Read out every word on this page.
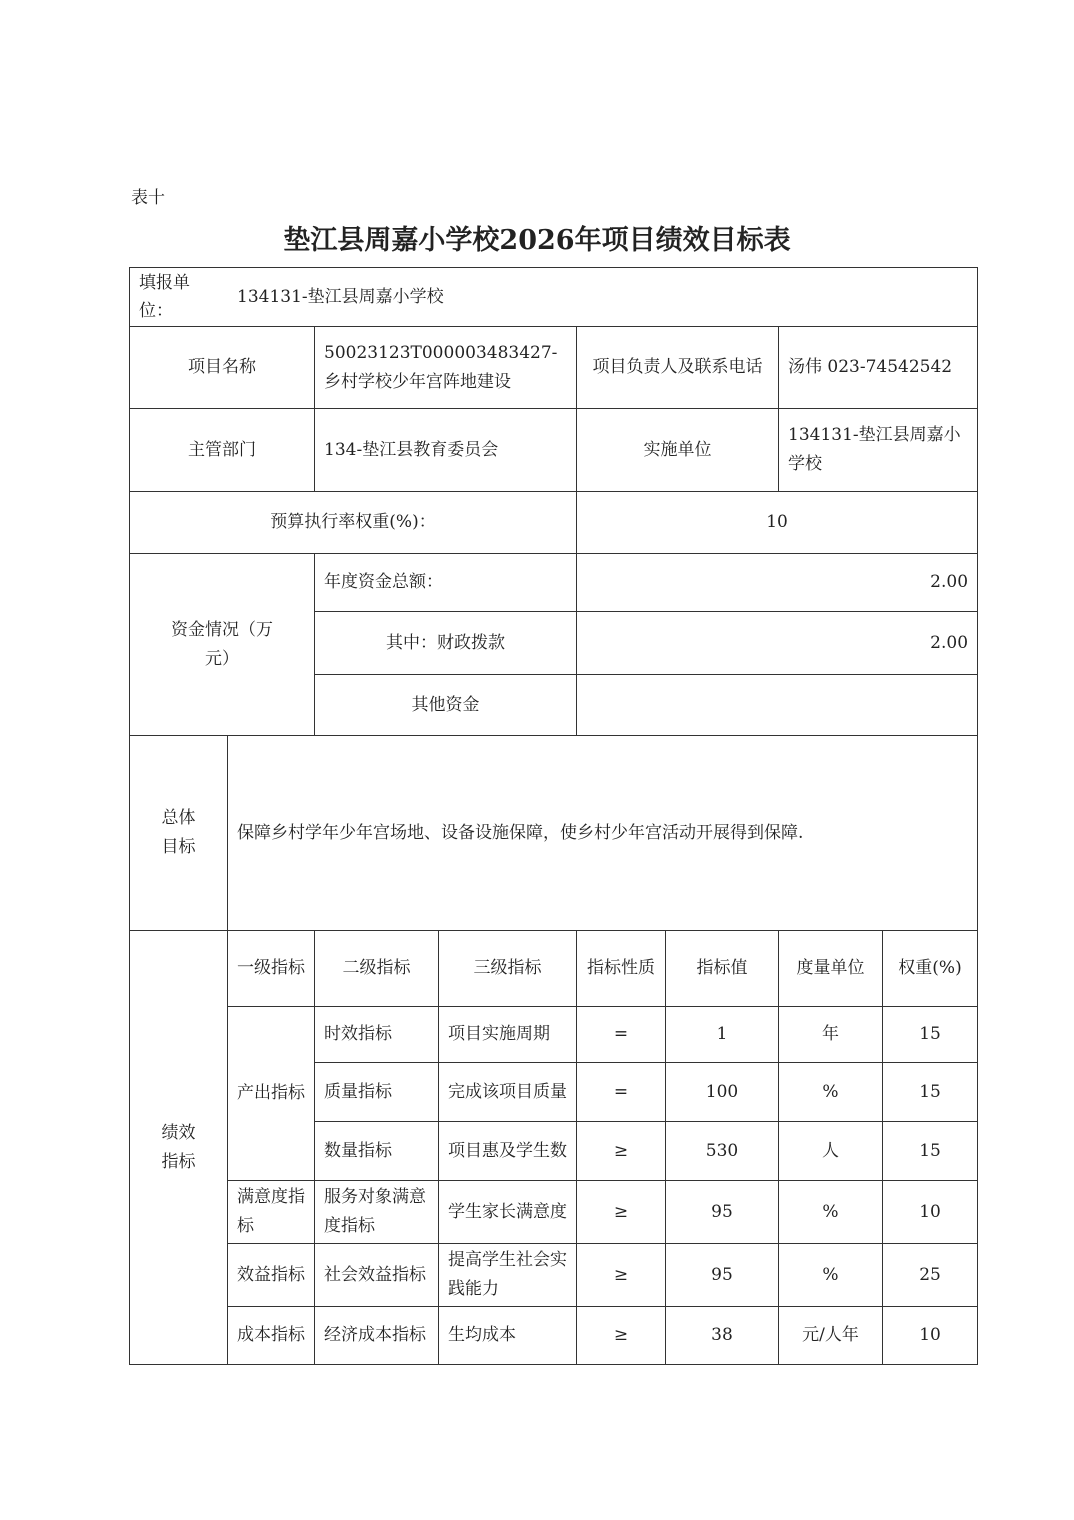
表十
垫江县周嘉小学校2026年项目绩效目标表
填报单位：
134131-垫江县周嘉小学校							

项目名称		50023123T000003483427-乡村学校少年宫阵地建设		项目负责人及联系电话		汤伟 023-74542542	
主管部门		134-垫江县教育委员会		实施单位		134131-垫江县周嘉小学校	
预算执行率权重(%)：				10			
资金情况（万元）		年度资金总额：		2.00			
		其中：财政拨款		2.00			
		其他资金					
总体目标	保障乡村学年少年宫场地、设备设施保障，使乡村少年宫活动开展得到保障.						
绩效指标	一级指标	二级指标	三级指标	指标性质	指标值	度量单位	权重(%)
	产出指标	时效指标	项目实施周期	=	1	年	15
		质量指标	完成该项目质量	=	100	%	15
		数量指标	项目惠及学生数	≥	530	人	15
	满意度指标	服务对象满意度指标	学生家长满意度	≥	95	%	10
	效益指标	社会效益指标	提高学生社会实践能力	≥	95	%	25
	成本指标	经济成本指标	生均成本	≥	38	元/人年	10
